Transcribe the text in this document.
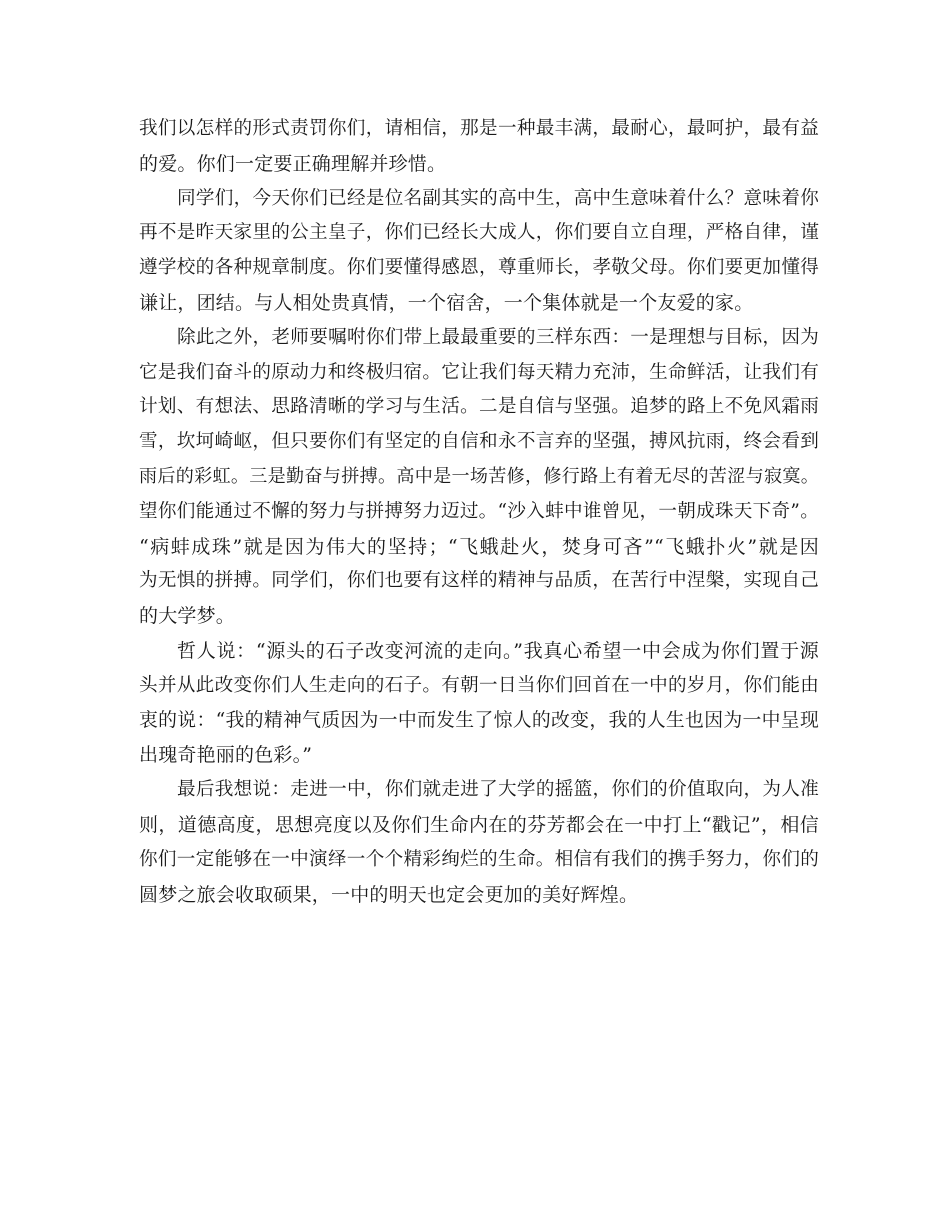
我们以怎样的形式责罚你们，请相信，那是一种最丰满，最耐心，最呵护，最有益
的爱。你们一定要正确理解并珍惜。
同学们，今天你们已经是位名副其实的高中生，高中生意味着什么？意味着你
再不是昨天家里的公主皇子，你们已经长大成人，你们要自立自理，严格自律，谨
遵学校的各种规章制度。你们要懂得感恩，尊重师长，孝敬父母。你们要更加懂得
谦让，团结。与人相处贵真情，一个宿舍，一个集体就是一个友爱的家。
除此之外，老师要嘱咐你们带上最最重要的三样东西：一是理想与目标，因为
它是我们奋斗的原动力和终极归宿。它让我们每天精力充沛，生命鲜活，让我们有
计划、有想法、思路清晰的学习与生活。二是自信与坚强。追梦的路上不免风霜雨
雪，坎坷崎岖，但只要你们有坚定的自信和永不言弃的坚强，搏风抗雨，终会看到
雨后的彩虹。三是勤奋与拼搏。高中是一场苦修，修行路上有着无尽的苦涩与寂寞。
望你们能通过不懈的努力与拼搏努力迈过。“沙入蚌中谁曾见，一朝成珠天下奇”。
“病蚌成珠”就是因为伟大的坚持；“飞蛾赴火，焚身可吝”“飞蛾扑火”就是因
为无惧的拼搏。同学们，你们也要有这样的精神与品质，在苦行中涅槃，实现自己
的大学梦。
哲人说：“源头的石子改变河流的走向。”我真心希望一中会成为你们置于源
头并从此改变你们人生走向的石子。有朝一日当你们回首在一中的岁月，你们能由
衷的说：“我的精神气质因为一中而发生了惊人的改变，我的人生也因为一中呈现
出瑰奇艳丽的色彩。”
最后我想说：走进一中，你们就走进了大学的摇篮，你们的价值取向，为人准
则，道德高度，思想亮度以及你们生命内在的芬芳都会在一中打上“戳记”，相信
你们一定能够在一中演绎一个个精彩绚烂的生命。相信有我们的携手努力，你们的
圆梦之旅会收取硕果，一中的明天也定会更加的美好辉煌。
